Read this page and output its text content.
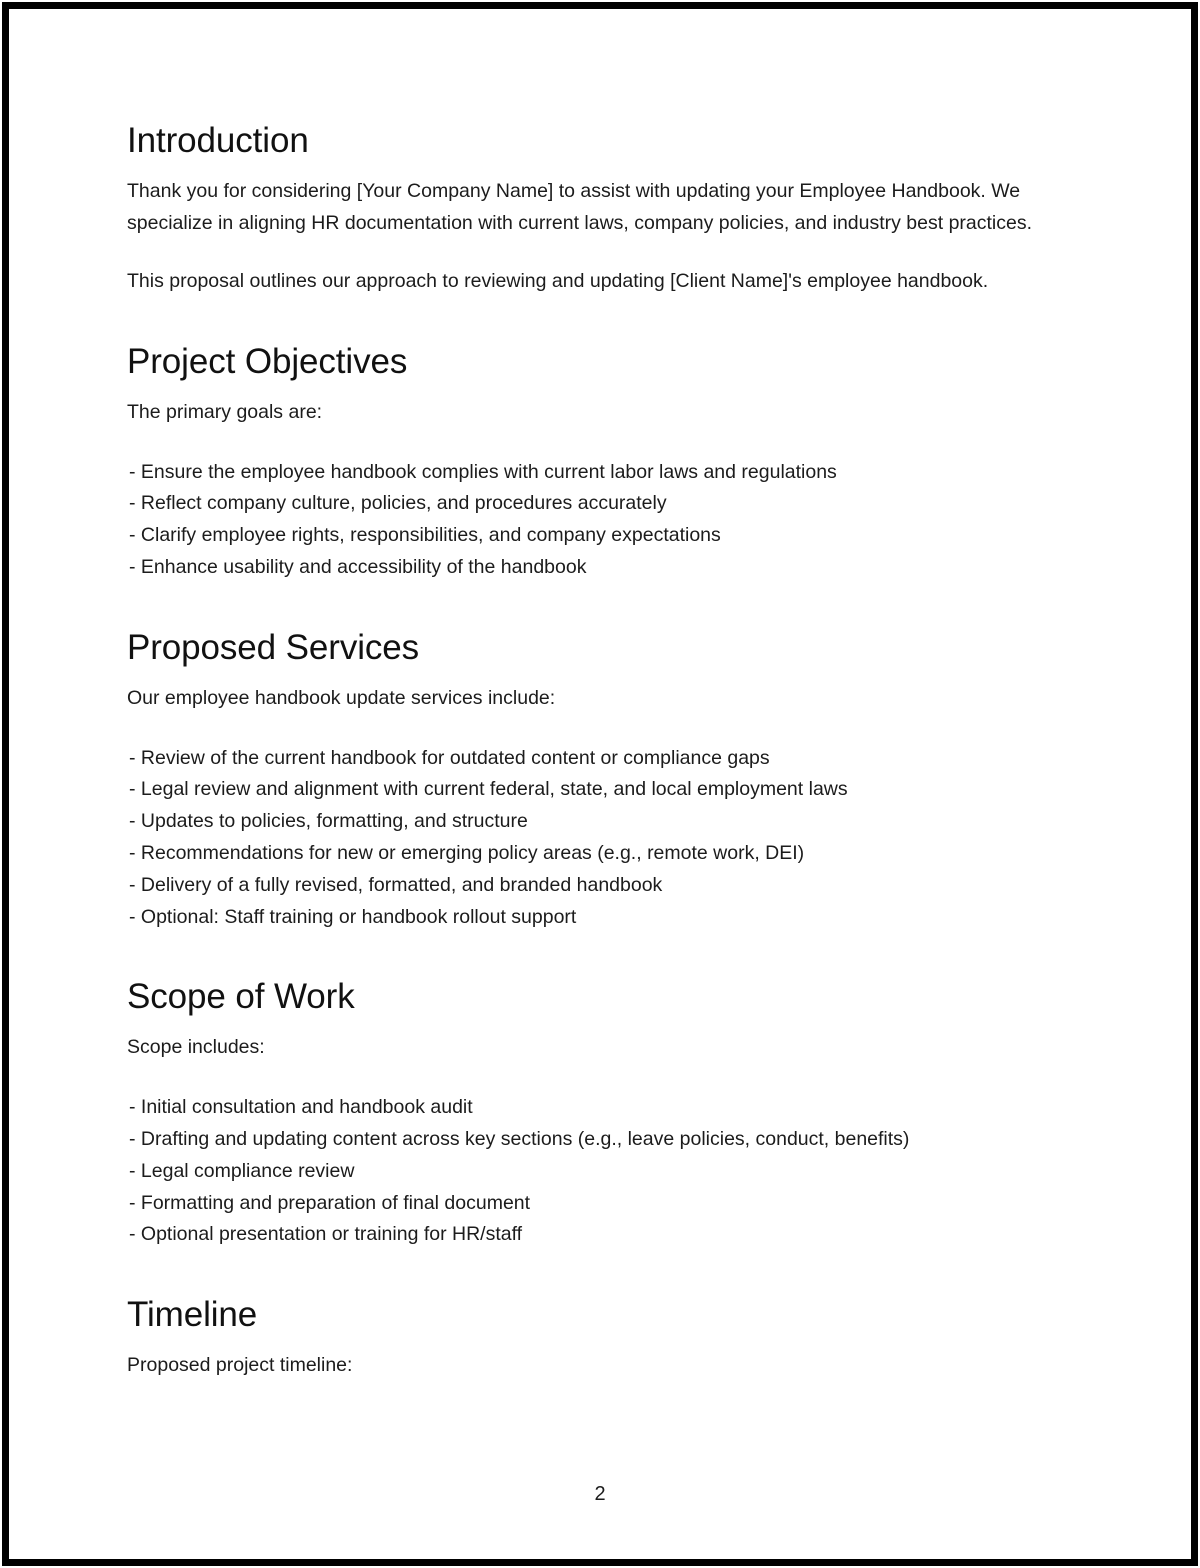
Introduction

Thank you for considering [Your Company Name] to assist with updating your Employee Handbook. We specialize in aligning HR documentation with current laws, company policies, and industry best practices.

This proposal outlines our approach to reviewing and updating [Client Name]'s employee handbook.

Project Objectives

The primary goals are:

- Ensure the employee handbook complies with current labor laws and regulations
- Reflect company culture, policies, and procedures accurately
- Clarify employee rights, responsibilities, and company expectations
- Enhance usability and accessibility of the handbook
Proposed Services

Our employee handbook update services include:

- Review of the current handbook for outdated content or compliance gaps
- Legal review and alignment with current federal, state, and local employment laws
- Updates to policies, formatting, and structure
- Recommendations for new or emerging policy areas (e.g., remote work, DEI)
- Delivery of a fully revised, formatted, and branded handbook
- Optional: Staff training or handbook rollout support
Scope of Work

Scope includes:

- Initial consultation and handbook audit
- Drafting and updating content across key sections (e.g., leave policies, conduct, benefits)
- Legal compliance review
- Formatting and preparation of final document
- Optional presentation or training for HR/staff
Timeline

Proposed project timeline:

2
